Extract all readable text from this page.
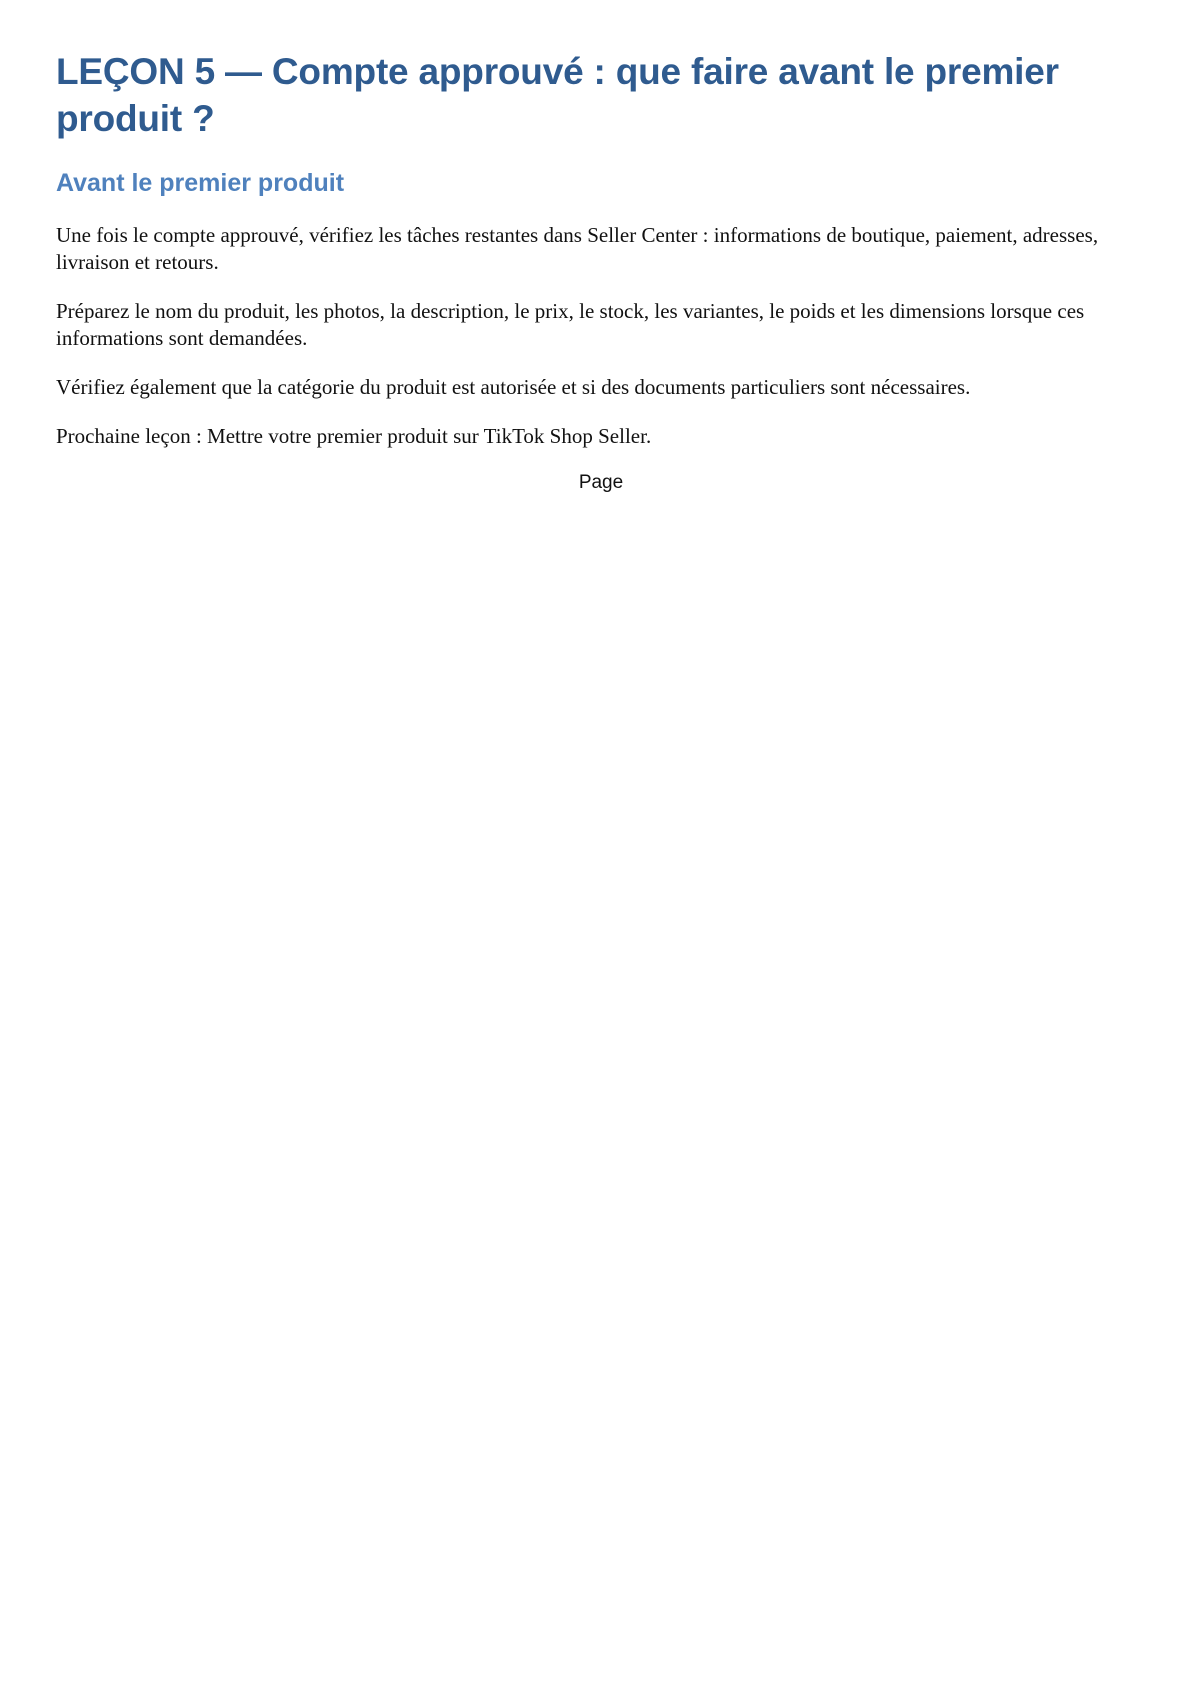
LEÇON 5 — Compte approuvé : que faire avant le premier produit ?
Avant le premier produit

Une fois le compte approuvé, vérifiez les tâches restantes dans Seller Center : informations de boutique, paiement, adresses, livraison et retours.

Préparez le nom du produit, les photos, la description, le prix, le stock, les variantes, le poids et les dimensions lorsque ces informations sont demandées.

Vérifiez également que la catégorie du produit est autorisée et si des documents particuliers sont nécessaires.

Prochaine leçon : Mettre votre premier produit sur TikTok Shop Seller.

Page
